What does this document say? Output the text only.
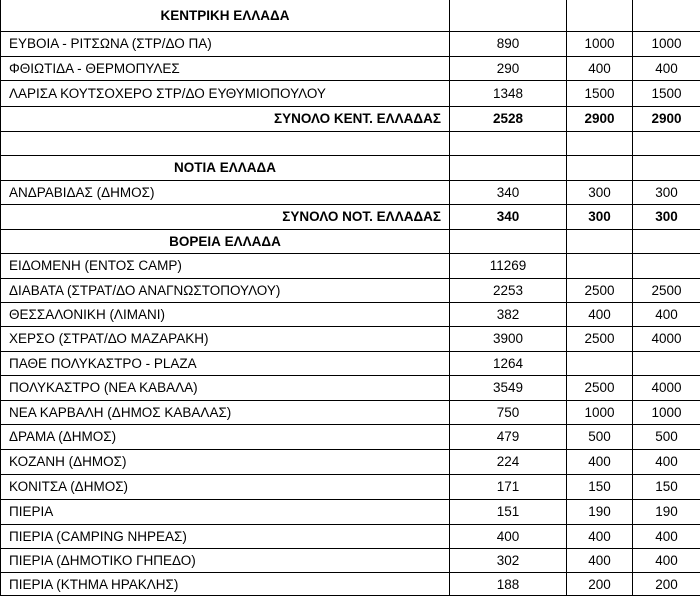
ΚΕΝΤΡΙΚΗ ΕΛΛΑΔΑ
ΕΥΒΟΙΑ - ΡΙΤΣΩΝΑ (ΣΤΡ/ΔΟ ΠΑ)	890	1000	1000
ΦΘΙΩΤΙΔΑ - ΘΕΡΜΟΠΥΛΕΣ	290	400	400
ΛΑΡΙΣΑ ΚΟΥΤΣΟΧΕΡΟ ΣΤΡ/ΔΟ ΕΥΘΥΜΙΟΠΟΥΛΟΥ	1348	1500	1500
ΣΥΝΟΛΟ ΚΕΝΤ. ΕΛΛΑΔΑΣ	2528	2900	2900
ΝΟΤΙΑ ΕΛΛΑΔΑ
ΑΝΔΡΑΒΙΔΑΣ (ΔΗΜΟΣ)	340	300	300
ΣΥΝΟΛΟ ΝΟΤ. ΕΛΛΑΔΑΣ	340	300	300
ΒΟΡΕΙΑ ΕΛΛΑΔΑ
ΕΙΔΟΜΕΝΗ (ΕΝΤΟΣ CAMP)	11269
ΔΙΑΒΑΤΑ (ΣΤΡΑΤ/ΔΟ ΑΝΑΓΝΩΣΤΟΠΟΥΛΟΥ)	2253	2500	2500
ΘΕΣΣΑΛΟΝΙΚΗ (ΛΙΜΑΝΙ)	382	400	400
ΧΕΡΣΟ (ΣΤΡΑΤ/ΔΟ ΜΑΖΑΡΑΚΗ)	3900	2500	4000
ΠΑΘΕ ΠΟΛΥΚΑΣΤΡΟ - PLAZA	1264
ΠΟΛΥΚΑΣΤΡΟ (ΝΕΑ ΚΑΒΑΛΑ)	3549	2500	4000
ΝΕΑ ΚΑΡΒΑΛΗ (ΔΗΜΟΣ ΚΑΒΑΛΑΣ)	750	1000	1000
ΔΡΑΜΑ (ΔΗΜΟΣ)	479	500	500
ΚΟΖΑΝΗ (ΔΗΜΟΣ)	224	400	400
ΚΟΝΙΤΣΑ (ΔΗΜΟΣ)	171	150	150
ΠΙΕΡΙΑ	151	190	190
ΠΙΕΡΙΑ (CAMPING ΝΗΡΕΑΣ)	400	400	400
ΠΙΕΡΙΑ (ΔΗΜΟΤΙΚΟ ΓΗΠΕΔΟ)	302	400	400
ΠΙΕΡΙΑ (ΚΤΗΜΑ ΗΡΑΚΛΗΣ)	188	200	200
